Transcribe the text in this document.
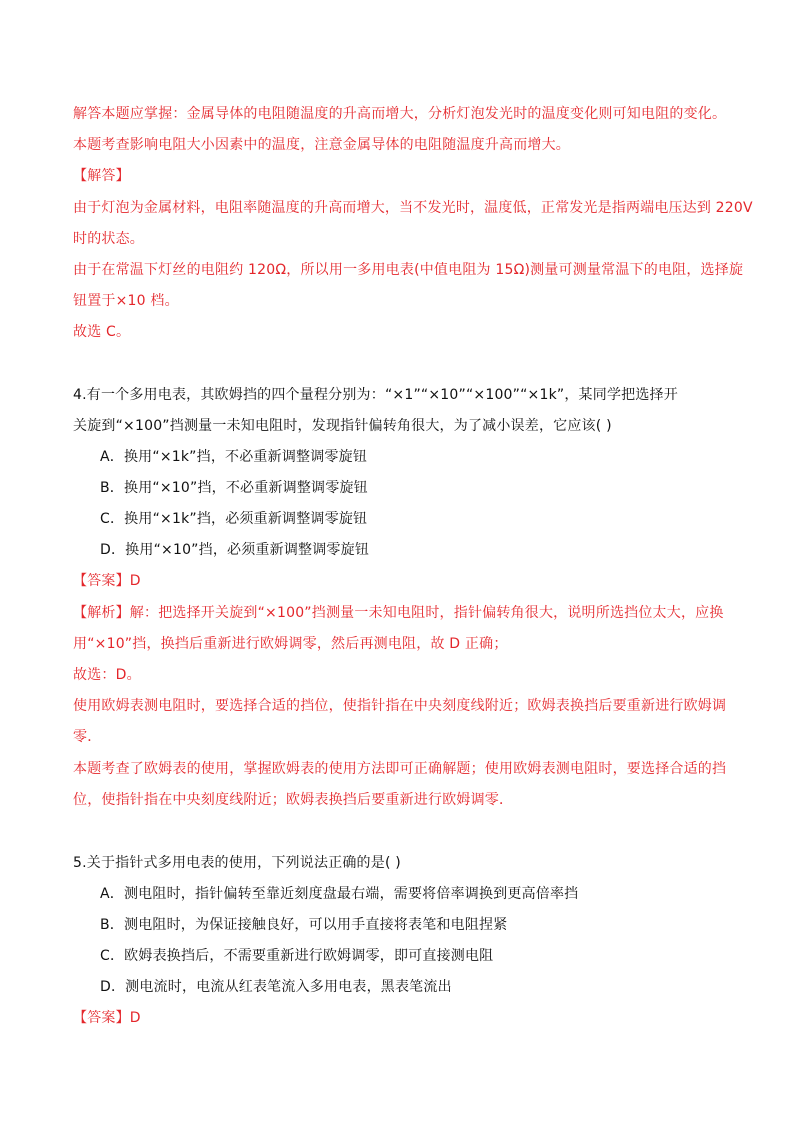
解答本题应掌握：金属导体的电阻随温度的升高而增大，分析灯泡发光时的温度变化则可知电阻的变化。
本题考查影响电阻大小因素中的温度，注意金属导体的电阻随温度升高而增大。
【解答】
由于灯泡为金属材料，电阻率随温度的升高而增大，当不发光时，温度低，正常发光是指两端电压达到 220V
时的状态。
由于在常温下灯丝的电阻约 120Ω，所以用一多用电表(中值电阻为 15Ω)测量可测量常温下的电阻，选择旋
钮置于×10 档。
故选 C。
4.有一个多用电表，其欧姆挡的四个量程分别为：“×1”“×10”“×100”“×1k”，某同学把选择开
关旋到“×100”挡测量一未知电阻时，发现指针偏转角很大，为了减小误差，它应该( )
A．换用“×1k”挡，不必重新调整调零旋钮
B．换用“×10”挡，不必重新调整调零旋钮
C．换用“×1k”挡，必须重新调整调零旋钮
D．换用“×10”挡，必须重新调整调零旋钮
【答案】D
【解析】解：把选择开关旋到“×100”挡测量一未知电阻时，指针偏转角很大，说明所选挡位太大，应换
用“×10”挡，换挡后重新进行欧姆调零，然后再测电阻，故 D 正确；
故选：D。
使用欧姆表测电阻时，要选择合适的挡位，使指针指在中央刻度线附近；欧姆表换挡后要重新进行欧姆调
零．
本题考查了欧姆表的使用，掌握欧姆表的使用方法即可正确解题；使用欧姆表测电阻时，要选择合适的挡
位，使指针指在中央刻度线附近；欧姆表换挡后要重新进行欧姆调零．
5.关于指针式多用电表的使用，下列说法正确的是( )
A．测电阻时，指针偏转至靠近刻度盘最右端，需要将倍率调换到更高倍率挡
B．测电阻时，为保证接触良好，可以用手直接将表笔和电阻捏紧
C．欧姆表换挡后，不需要重新进行欧姆调零，即可直接测电阻
D．测电流时，电流从红表笔流入多用电表，黑表笔流出
【答案】D
